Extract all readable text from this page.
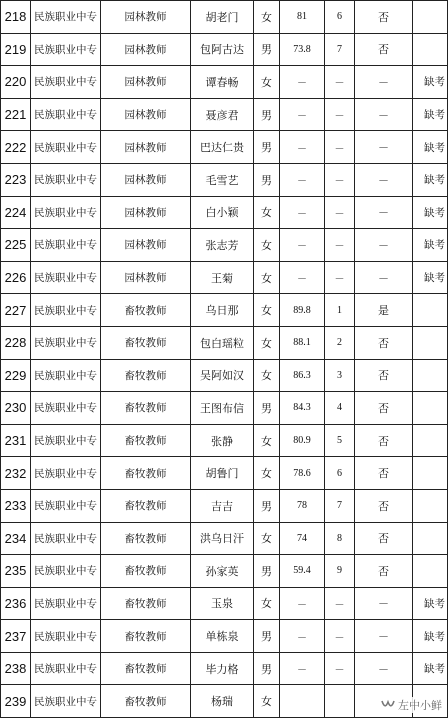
218	民族职业中专	园林教师	胡老门	女	81	6	否	
219	民族职业中专	园林教师	包阿古达	男	73.8	7	否	
220	民族职业中专	园林教师	谭春畅	女	－	－	－	缺考
221	民族职业中专	园林教师	聂彦君	男	－	－	－	缺考
222	民族职业中专	园林教师	巴达仁贵	男	－	－	－	缺考
223	民族职业中专	园林教师	毛雪艺	男	－	－	－	缺考
224	民族职业中专	园林教师	白小颖	女	－	－	－	缺考
225	民族职业中专	园林教师	张志芳	女	－	－	－	缺考
226	民族职业中专	园林教师	王菊	女	－	－	－	缺考
227	民族职业中专	畜牧教师	乌日那	女	89.8	1	是	
228	民族职业中专	畜牧教师	包白瑶粒	女	88.1	2	否	
229	民族职业中专	畜牧教师	吴阿如汉	女	86.3	3	否	
230	民族职业中专	畜牧教师	王图布信	男	84.3	4	否	
231	民族职业中专	畜牧教师	张静	女	80.9	5	否	
232	民族职业中专	畜牧教师	胡鲁门	女	78.6	6	否	
233	民族职业中专	畜牧教师	吉吉	男	78	7	否	
234	民族职业中专	畜牧教师	洪乌日汗	女	74	8	否	
235	民族职业中专	畜牧教师	孙家英	男	59.4	9	否	
236	民族职业中专	畜牧教师	玉泉	女	－	－	－	缺考
237	民族职业中专	畜牧教师	单栋泉	男	－	－	－	缺考
238	民族职业中专	畜牧教师	毕力格	男	－	－	－	缺考
239	民族职业中专	畜牧教师	杨瑞	女					左中小鲜
